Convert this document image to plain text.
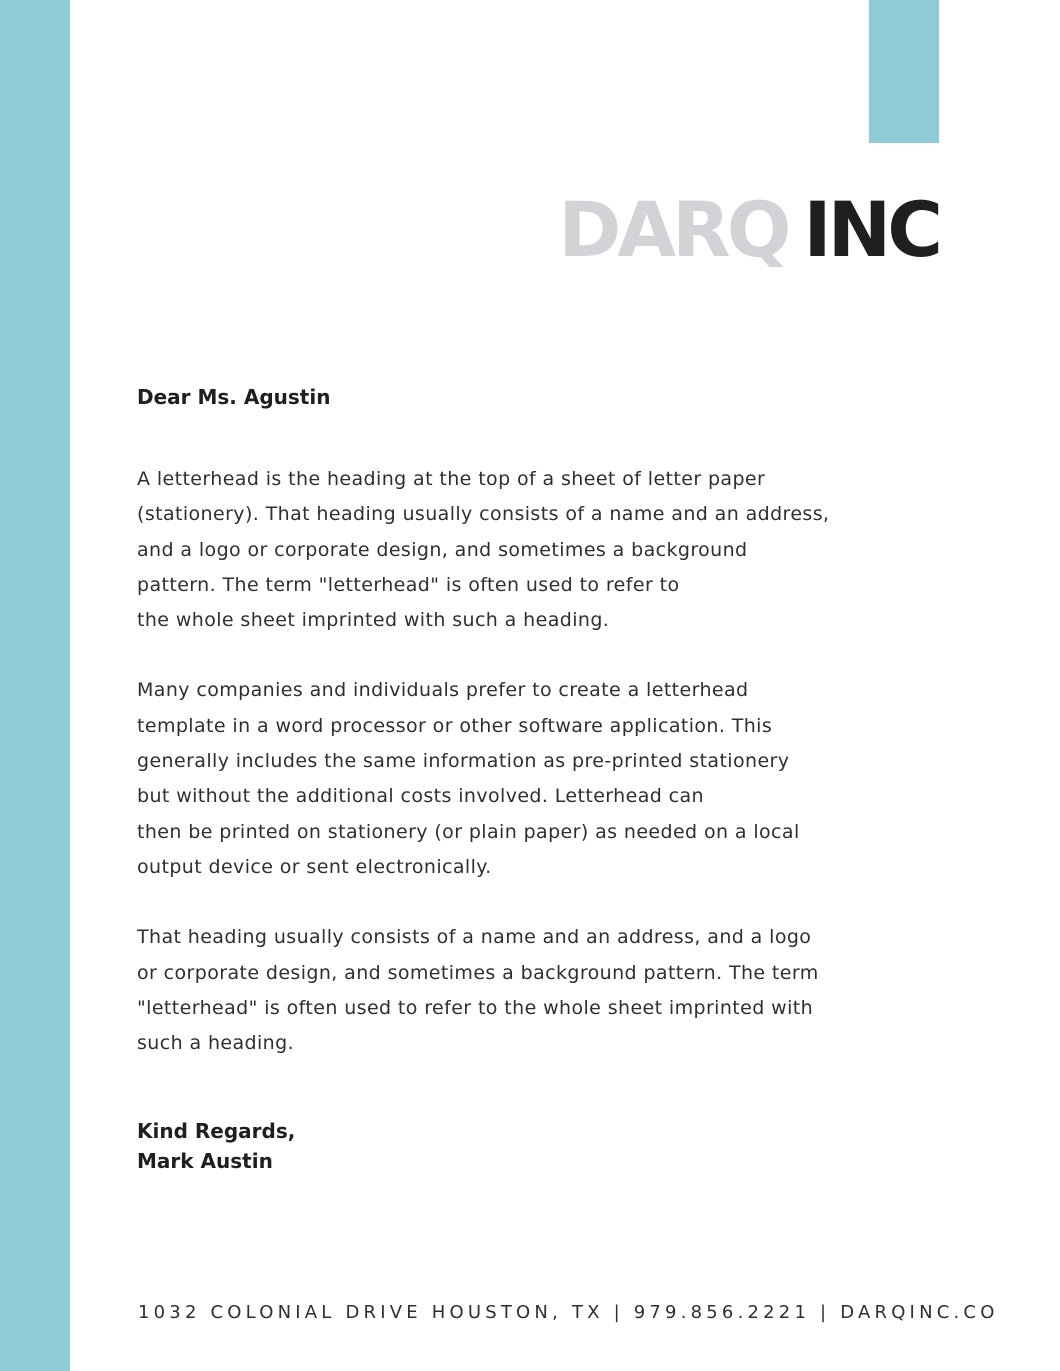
DARQ INC

Dear Ms. Agustin

A letterhead is the heading at the top of a sheet of letter paper
(stationery). That heading usually consists of a name and an address,
and a logo or corporate design, and sometimes a background
pattern. The term "letterhead" is often used to refer to
the whole sheet imprinted with such a heading.

Many companies and individuals prefer to create a letterhead
template in a word processor or other software application. This
generally includes the same information as pre-printed stationery
but without the additional costs involved. Letterhead can
then be printed on stationery (or plain paper) as needed on a local
output device or sent electronically.

That heading usually consists of a name and an address, and a logo
or corporate design, and sometimes a background pattern. The term
"letterhead" is often used to refer to the whole sheet imprinted with
such a heading.

Kind Regards,
Mark Austin
1032 COLONIAL DRIVE HOUSTON, TX | 979.856.2221 | DARQINC.CO
